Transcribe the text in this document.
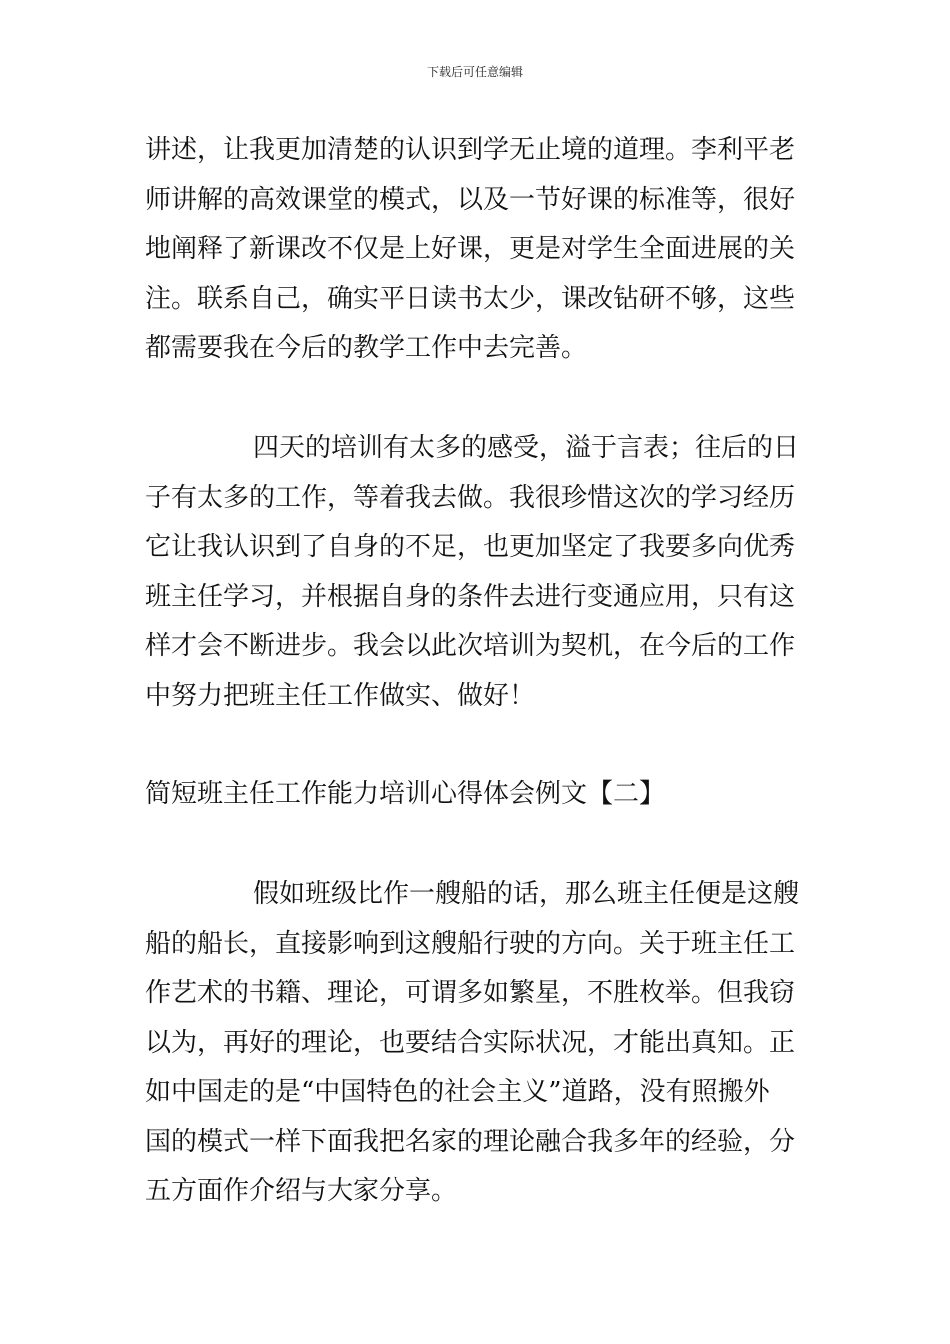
下载后可任意编辑
讲述，让我更加清楚的认识到学无止境的道理。李利平老
师讲解的高效课堂的模式，以及一节好课的标准等，很好
地阐释了新课改不仅是上好课，更是对学生全面进展的关
注。联系自己，确实平日读书太少，课改钻研不够，这些
都需要我在今后的教学工作中去完善。
四天的培训有太多的感受，溢于言表；往后的日
子有太多的工作，等着我去做。我很珍惜这次的学习经历
它让我认识到了自身的不足，也更加坚定了我要多向优秀
班主任学习，并根据自身的条件去进行变通应用，只有这
样才会不断进步。我会以此次培训为契机，在今后的工作
中努力把班主任工作做实、做好！
简短班主任工作能力培训心得体会例文【二】
假如班级比作一艘船的话，那么班主任便是这艘
船的船长，直接影响到这艘船行驶的方向。关于班主任工
作艺术的书籍、理论，可谓多如繁星，不胜枚举。但我窃
以为，再好的理论，也要结合实际状况，才能出真知。正
如中国走的是“中国特色的社会主义”道路，没有照搬外
国的模式一样下面我把名家的理论融合我多年的经验，分
五方面作介绍与大家分享。
